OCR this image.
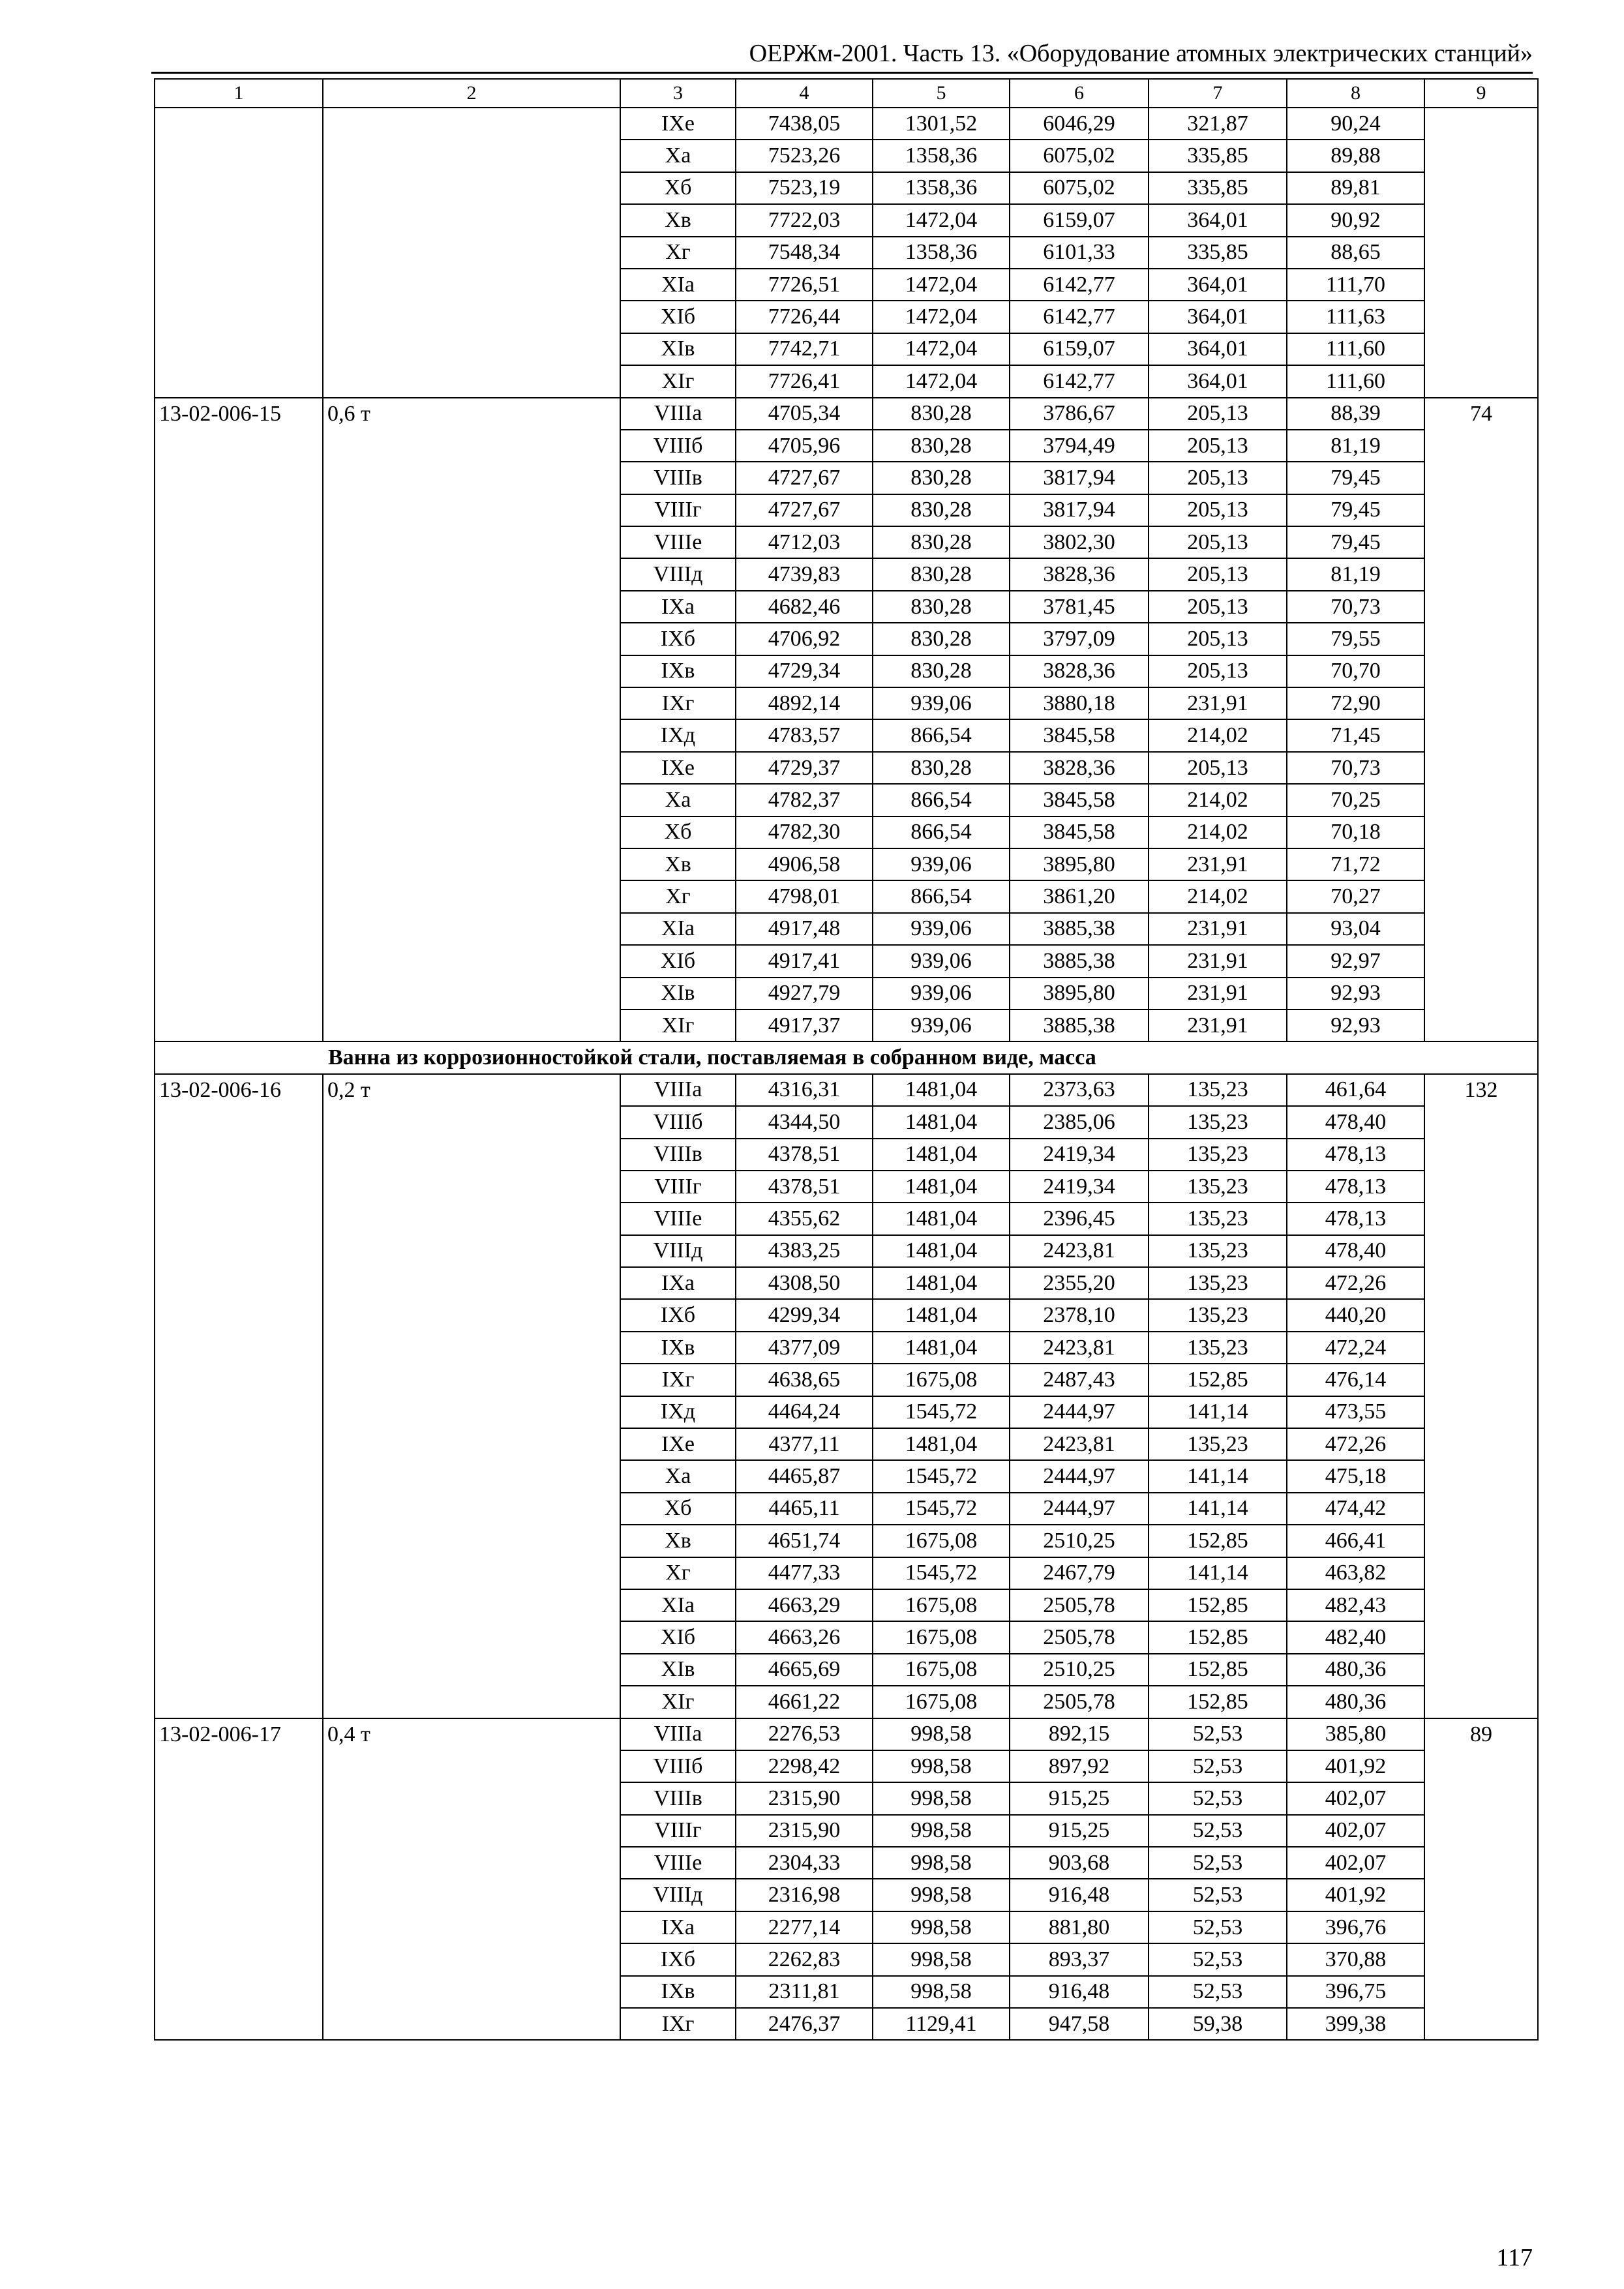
ОЕРЖм-2001. Часть 13. «Оборудование атомных электрических станций»
1	2	3	4	5	6	7	8	9
		IXе	7438,05	1301,52	6046,29	321,87	90,24	
		Xа	7523,26	1358,36	6075,02	335,85	89,88	
		Xб	7523,19	1358,36	6075,02	335,85	89,81	
		Xв	7722,03	1472,04	6159,07	364,01	90,92	
		Xг	7548,34	1358,36	6101,33	335,85	88,65	
		XIа	7726,51	1472,04	6142,77	364,01	111,70	
		XIб	7726,44	1472,04	6142,77	364,01	111,63	
		XIв	7742,71	1472,04	6159,07	364,01	111,60	
		XIг	7726,41	1472,04	6142,77	364,01	111,60	
13-02-006-15	0,6 т	VIIIа	4705,34	830,28	3786,67	205,13	88,39	74
		VIIIб	4705,96	830,28	3794,49	205,13	81,19	
		VIIIв	4727,67	830,28	3817,94	205,13	79,45	
		VIIIг	4727,67	830,28	3817,94	205,13	79,45	
		VIIIе	4712,03	830,28	3802,30	205,13	79,45	
		VIIIд	4739,83	830,28	3828,36	205,13	81,19	
		IXа	4682,46	830,28	3781,45	205,13	70,73	
		IXб	4706,92	830,28	3797,09	205,13	79,55	
		IXв	4729,34	830,28	3828,36	205,13	70,70	
		IXг	4892,14	939,06	3880,18	231,91	72,90	
		IXд	4783,57	866,54	3845,58	214,02	71,45	
		IXе	4729,37	830,28	3828,36	205,13	70,73	
		Xа	4782,37	866,54	3845,58	214,02	70,25	
		Xб	4782,30	866,54	3845,58	214,02	70,18	
		Xв	4906,58	939,06	3895,80	231,91	71,72	
		Xг	4798,01	866,54	3861,20	214,02	70,27	
		XIа	4917,48	939,06	3885,38	231,91	93,04	
		XIб	4917,41	939,06	3885,38	231,91	92,97	
		XIв	4927,79	939,06	3895,80	231,91	92,93	
		XIг	4917,37	939,06	3885,38	231,91	92,93	
Ванна из коррозионностойкой стали, поставляемая в собранном виде, масса								
13-02-006-16	0,2 т	VIIIа	4316,31	1481,04	2373,63	135,23	461,64	132
		VIIIб	4344,50	1481,04	2385,06	135,23	478,40	
		VIIIв	4378,51	1481,04	2419,34	135,23	478,13	
		VIIIг	4378,51	1481,04	2419,34	135,23	478,13	
		VIIIе	4355,62	1481,04	2396,45	135,23	478,13	
		VIIIд	4383,25	1481,04	2423,81	135,23	478,40	
		IXа	4308,50	1481,04	2355,20	135,23	472,26	
		IXб	4299,34	1481,04	2378,10	135,23	440,20	
		IXв	4377,09	1481,04	2423,81	135,23	472,24	
		IXг	4638,65	1675,08	2487,43	152,85	476,14	
		IXд	4464,24	1545,72	2444,97	141,14	473,55	
		IXе	4377,11	1481,04	2423,81	135,23	472,26	
		Xа	4465,87	1545,72	2444,97	141,14	475,18	
		Xб	4465,11	1545,72	2444,97	141,14	474,42	
		Xв	4651,74	1675,08	2510,25	152,85	466,41	
		Xг	4477,33	1545,72	2467,79	141,14	463,82	
		XIа	4663,29	1675,08	2505,78	152,85	482,43	
		XIб	4663,26	1675,08	2505,78	152,85	482,40	
		XIв	4665,69	1675,08	2510,25	152,85	480,36	
		XIг	4661,22	1675,08	2505,78	152,85	480,36	
13-02-006-17	0,4 т	VIIIа	2276,53	998,58	892,15	52,53	385,80	89
		VIIIб	2298,42	998,58	897,92	52,53	401,92	
		VIIIв	2315,90	998,58	915,25	52,53	402,07	
		VIIIг	2315,90	998,58	915,25	52,53	402,07	
		VIIIе	2304,33	998,58	903,68	52,53	402,07	
		VIIIд	2316,98	998,58	916,48	52,53	401,92	
		IXа	2277,14	998,58	881,80	52,53	396,76	
		IXб	2262,83	998,58	893,37	52,53	370,88	
		IXв	2311,81	998,58	916,48	52,53	396,75	
		IXг	2476,37	1129,41	947,58	59,38	399,38	
117
